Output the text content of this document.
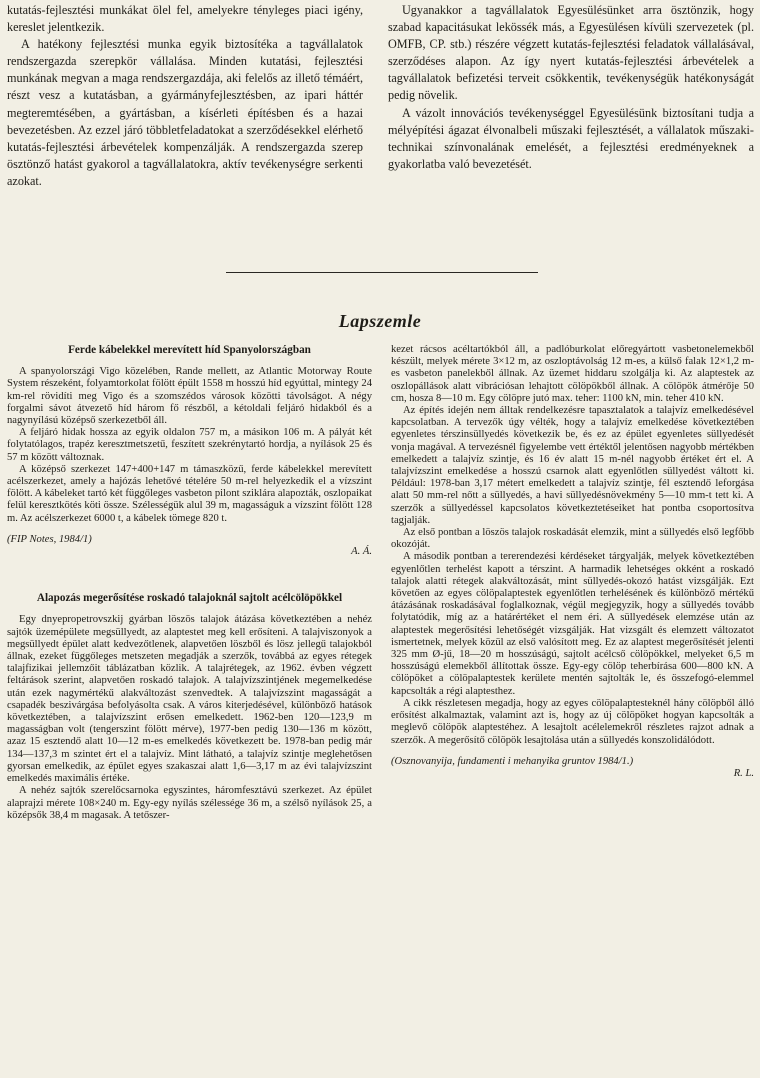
kutatás-fejlesztési munkákat ölel fel, amelyekre tényleges piaci igény, kereslet jelentkezik.

A hatékony fejlesztési munka egyik biztosítéka a tagvállalatok rendszergazda szerepkör vállalása. Minden kutatási, fejlesztési munkának megvan a maga rendszergazdája, aki felelős az illető témáért, részt vesz a kutatásban, a gyármányfejlesztésben, az ipari háttér megteremtésében, a gyártásban, a kísérleti építésben és a hazai bevezetésben. Az ezzel járó többletfeladatokat a szerződésekkel elérhető kutatás-fejlesztési árbevételek kompenzálják. A rendszergazda szerep ösztönző hatást gyakorol a tagvállalatokra, aktív tevékenységre serkenti azokat.

Ugyanakkor a tagvállalatok Egyesülésünket arra ösztönzik, hogy szabad kapacitásukat lekössék más, a Egyesülésen kívüli szervezetek (pl. OMFB, CP. stb.) részére végzett kutatás-fejlesztési feladatok vállalásával, szerződéses alapon. Az így nyert kutatás-fejlesztési árbevételek a tagvállalatok befizetési terveit csökkentik, tevékenységük hatékonyságát pedig növelik.

A vázolt innovációs tevékenységgel Egyesülésünk biztosítani tudja a mélyépítési ágazat élvonalbeli műszaki fejlesztését, a vállalatok műszaki-technikai színvonalának emelését, a fejlesztési eredményeknek a gyakorlatba való bevezetését.

Lapszemle
Ferde kábelekkel merevített híd Spanyolországban

A spanyolországi Vigo közelében, Rande mellett, az Atlantic Motorway Route System részeként, folyamtorkolat fölött épült 1558 m hosszú híd egyúttal, mintegy 24 km-rel rövidíti meg Vigo és a szomszédos városok közötti távolságot. A négy forgalmi sávot átvezető híd három fő részből, a kétoldali feljáró hidakból és a nagynyílású középső szerkezetből áll.

A feljáró hidak hossza az egyik oldalon 757 m, a másikon 106 m. A pályát két folytatólagos, trapéz keresztmetszetű, feszített szekrénytartó hordja, a nyílások 25 és 57 m között változnak.

A középső szerkezet 147+400+147 m támaszközű, ferde kábelekkel merevített acélszerkezet, amely a hajózás lehetővé tételére 50 m-rel helyezkedik el a vízszint fölött. A kábeleket tartó két függőleges vasbeton pilont sziklára alapozták, oszlopaikat felül keresztkötés köti össze. Szélességük alul 39 m, magasságuk a vízszint fölött 128 m. Az acélszerkezet 6000 t, a kábelek tömege 820 t.

(FIP Notes, 1984/1)

A. Á.

Alapozás megerősítése roskadó talajoknál sajtolt acélcölöpökkel

Egy dnyepropetrovszkij gyárban löszös talajok átázása következtében a nehéz sajtók üzemépülete megsüllyedt, az alaptestet meg kell erősíteni. A talajviszonyok a megsüllyedt épület alatt kedvezőtlenek, alapvetően löszből és lösz jellegű talajokból állnak, ezeket függőleges metszeten megadják a szerzők, továbbá az egyes rétegek talajfizikai jellemzőit táblázatban közlik. A talajrétegek, az 1962. évben végzett feltárások szerint, alapvetően roskadó talajok. A talajvízszintjének megemelkedése után ezek nagymértékű alakváltozást szenvedtek. A talajvízszint magasságát a csapadék beszivárgása befolyásolta csak. A város kiterjedésével, különböző hatások következtében, a talajvízszint erősen emelkedett. 1962-ben 120—123,9 m magasságban volt (tengerszint fölött mérve), 1977-ben pedig 130—136 m között, azaz 15 esztendő alatt 10—12 m-es emelkedés következett be. 1978-ban pedig már 134—137,3 m szintet ért el a talajvíz. Mint látható, a talajvíz szintje meglehetősen gyorsan emelkedik, az épület egyes szakaszai alatt 1,6—3,17 m az évi talajvízszint emelkedés maximális értéke.

A nehéz sajtók szerelőcsarnoka egyszintes, háromfesztávú szerkezet. Az épület alaprajzi mérete 108×240 m. Egy-egy nyílás szélessége 36 m, a szélső nyílások 25, a középsők 38,4 m magasak. A tetőszer-

kezet rácsos acéltartókból áll, a padlóburkolat előregyártott vasbetonelemekből készült, melyek mérete 3×12 m, az oszloptávolság 12 m-es, a külső falak 12×1,2 m-es vasbeton panelekből állnak. Az üzemet hiddaru szolgálja ki. Az alaptestek az oszlopállások alatt vibrációsan lehajtott cölöpökből állnak. A cölöpök átmérője 50 cm, hosza 8—10 m. Egy cölöpre jutó max. teher: 1100 kN, min. teher 410 kN.

Az építés idején nem álltak rendelkezésre tapasztalatok a talajvíz emelkedésével kapcsolatban. A tervezők úgy vélték, hogy a talajvíz emelkedése következtében egyenletes térszinsüllyedés következik be, és ez az épület egyenletes süllyedését vonja magával. A tervezésnél figyelembe vett értéktől jelentősen nagyobb mértékben emelkedett a talajvíz szintje, és 16 év alatt 15 m-nél nagyobb értéket ért el. A talajvízszint emelkedése a hosszú csarnok alatt egyenlőtlen süllyedést váltott ki. Például: 1978-ban 3,17 métert emelkedett a talajvíz szintje, fél esztendő leforgása alatt 50 mm-rel nőtt a süllyedés, a havi süllyedésnövekmény 5—10 mm-t tett ki. A szerzők a süllyedéssel kapcsolatos következtetéseiket hat pontba csoportosítva tagjalják.

Az első pontban a löszös talajok roskadását elemzik, mint a süllyedés első legfőbb okozóját.

A második pontban a tererendezési kérdéseket tárgyalják, melyek következtében egyenlőtlen terhelést kapott a térszint. A harmadik lehetséges okként a roskadó talajok alatti rétegek alakváltozását, mint süllyedés-okozó hatást vizsgálják. Ezt követően az egyes cölöpalaptestek egyenlőtlen terhelésének és különböző mértékű átázásának roskadásával foglalkoznak, végül megjegyzik, hogy a süllyedés tovább folytatódik, míg az a határértéket el nem éri. A süllyedések elemzése után az alaptestek megerősítési lehetőségét vizsgálják. Hat vizsgált és elemzett változatot ismertetnek, melyek közül az első valósított meg. Ez az alaptest megerősítését jelenti 325 mm Ø-jű, 18—20 m hosszúságú, sajtolt acélcső cölöpökkel, melyeket 6,5 m hosszúságú elemekből állítottak össze. Egy-egy cölöp teherbírása 600—800 kN. A cölöpöket a cölöpalaptestek kerülete mentén sajtolták le, és összefogó-elemmel kapcsolták a régi alaptesthez.

A cikk részletesen megadja, hogy az egyes cölöpalaptesteknél hány cölöpből álló erősítést alkalmaztak, valamint azt is, hogy az új cölöpöket hogyan kapcsolták a meglevő cölöpök alaptestéhez. A lesajtolt acélelemekről részletes rajzot adnak a szerzők. A megerősítő cölöpök lesajtolása után a süllyedés konszolidálódott.

(Osznovanyija, fundamenti i mehanyika gruntov 1984/1.)

R. L.
